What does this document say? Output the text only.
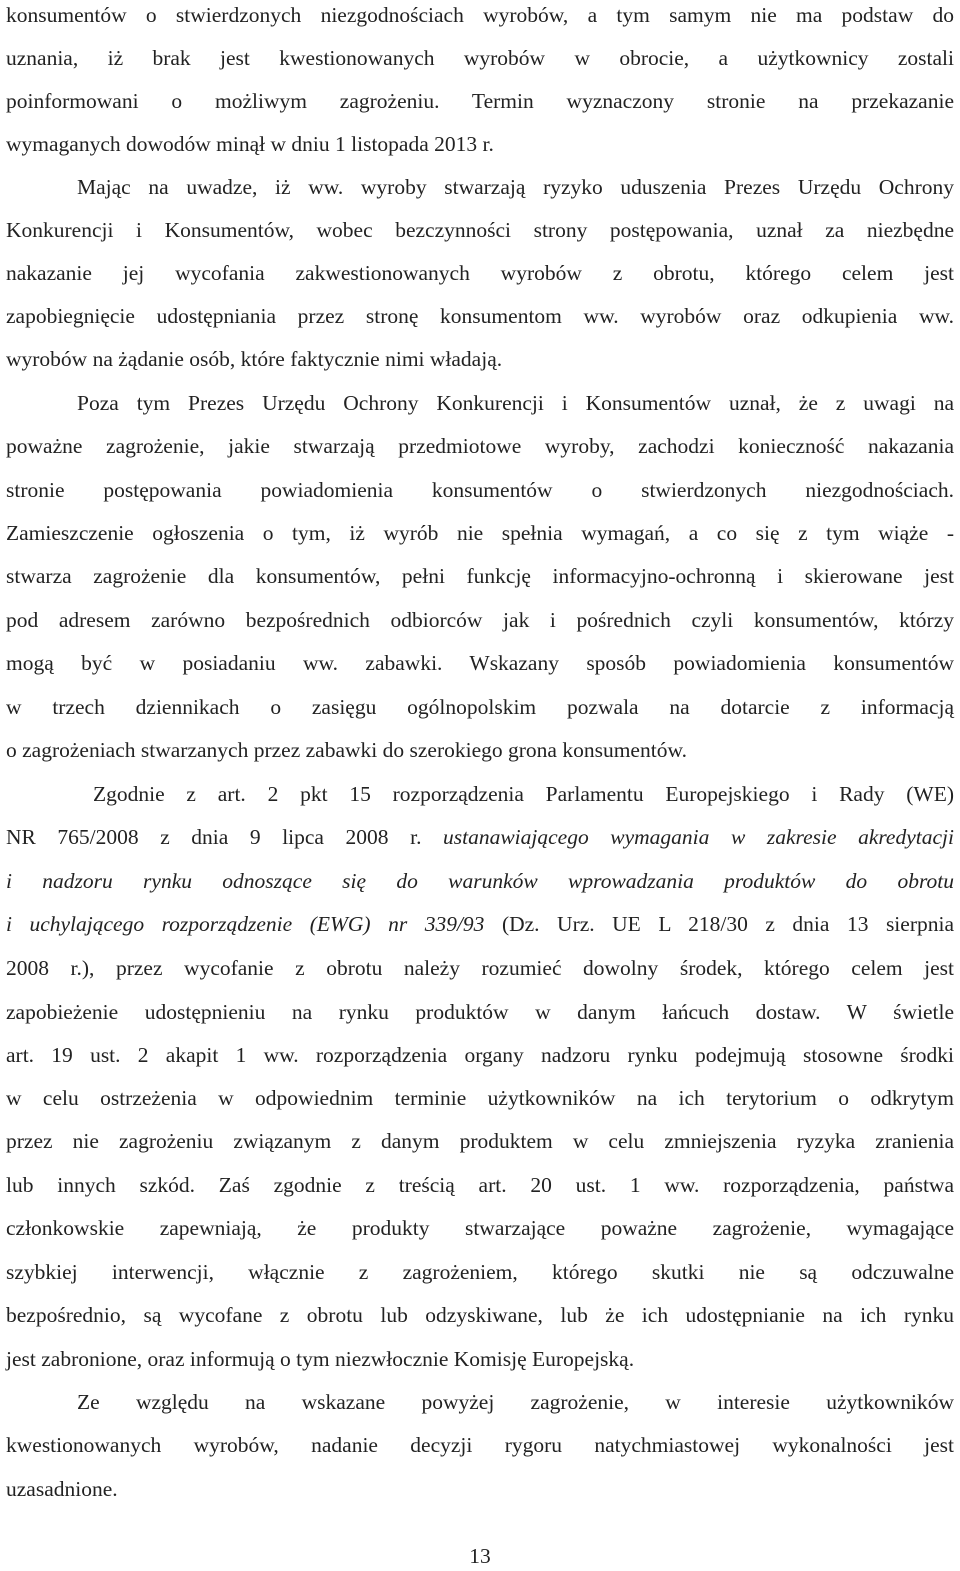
konsumentów o stwierdzonych niezgodnościach wyrobów, a tym samym nie ma podstaw do
uznania, iż brak jest kwestionowanych wyrobów w obrocie, a użytkownicy zostali
poinformowani o możliwym zagrożeniu. Termin wyznaczony stronie na przekazanie
wymaganych dowodów minął w dniu 1 listopada 2013 r.
Mając na uwadze, iż ww. wyroby stwarzają ryzyko uduszenia Prezes Urzędu Ochrony
Konkurencji i Konsumentów, wobec bezczynności strony postępowania, uznał za niezbędne
nakazanie jej wycofania zakwestionowanych wyrobów z obrotu, którego celem jest
zapobiegnięcie udostępniania przez stronę konsumentom ww. wyrobów oraz odkupienia ww.
wyrobów na żądanie osób, które faktycznie nimi władają.
Poza tym Prezes Urzędu Ochrony Konkurencji i Konsumentów uznał, że z uwagi na
poważne zagrożenie, jakie stwarzają przedmiotowe wyroby, zachodzi konieczność nakazania
stronie postępowania powiadomienia konsumentów o stwierdzonych niezgodnościach.
Zamieszczenie ogłoszenia o tym, iż wyrób nie spełnia wymagań, a co się z tym wiąże -
stwarza zagrożenie dla konsumentów, pełni funkcję informacyjno-ochronną i skierowane jest
pod adresem zarówno bezpośrednich odbiorców jak i pośrednich czyli konsumentów, którzy
mogą być w posiadaniu ww. zabawki. Wskazany sposób powiadomienia konsumentów
w trzech dziennikach o zasięgu ogólnopolskim pozwala na dotarcie z informacją
o zagrożeniach stwarzanych przez zabawki do szerokiego grona konsumentów.
Zgodnie z art. 2 pkt 15 rozporządzenia Parlamentu Europejskiego i Rady (WE)
NR 765/2008 z dnia 9 lipca 2008 r. ustanawiającego wymagania w zakresie akredytacji
i nadzoru rynku odnoszące się do warunków wprowadzania produktów do obrotu
i uchylającego rozporządzenie (EWG) nr 339/93 (Dz. Urz. UE L 218/30 z dnia 13 sierpnia
2008 r.), przez wycofanie z obrotu należy rozumieć dowolny środek, którego celem jest
zapobieżenie udostępnieniu na rynku produktów w danym łańcuch dostaw. W świetle
art. 19 ust. 2 akapit 1 ww. rozporządzenia organy nadzoru rynku podejmują stosowne środki
w celu ostrzeżenia w odpowiednim terminie użytkowników na ich terytorium o odkrytym
przez nie zagrożeniu związanym z danym produktem w celu zmniejszenia ryzyka zranienia
lub innych szkód. Zaś zgodnie z treścią art. 20 ust. 1 ww. rozporządzenia, państwa
członkowskie zapewniają, że produkty stwarzające poważne zagrożenie, wymagające
szybkiej interwencji, włącznie z zagrożeniem, którego skutki nie są odczuwalne
bezpośrednio, są wycofane z obrotu lub odzyskiwane, lub że ich udostępnianie na ich rynku
jest zabronione, oraz informują o tym niezwłocznie Komisję Europejską.
Ze względu na wskazane powyżej zagrożenie, w interesie użytkowników
kwestionowanych wyrobów, nadanie decyzji rygoru natychmiastowej wykonalności jest
uzasadnione.
13
